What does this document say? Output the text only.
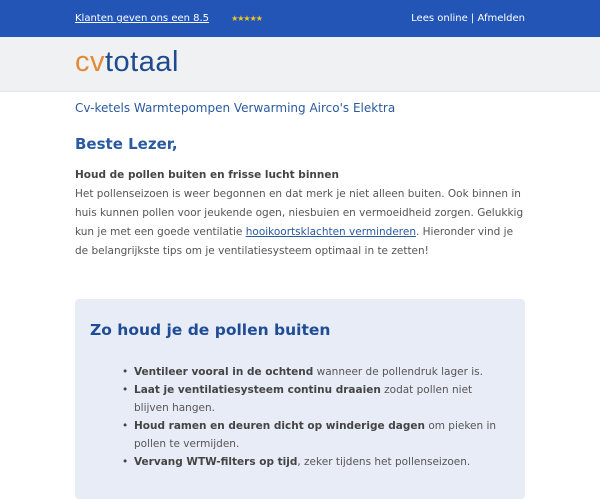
Klanten geven ons een 8.5	★★★★★	Lees online | Afmelden
cvtotaal
Cv-ketels Warmtepompen Verwarming Airco's Elektra
Beste Lezer,
Houd de pollen buiten en frisse lucht binnen
Het pollenseizoen is weer begonnen en dat merk je niet alleen buiten. Ook binnen in huis kunnen pollen voor jeukende ogen, niesbuien en vermoeidheid zorgen. Gelukkig kun je met een goede ventilatie hooikoortsklachten verminderen. Hieronder vind je de belangrijkste tips om je ventilatiesysteem optimaal in te zetten!
Zo houd je de pollen buiten
• Ventileer vooral in de ochtend wanneer de pollendruk lager is.
• Laat je ventilatiesysteem continu draaien zodat pollen niet blijven hangen.
• Houd ramen en deuren dicht op winderige dagen om pieken in pollen te vermijden.
• Vervang WTW-filters op tijd, zeker tijdens het pollenseizoen.
